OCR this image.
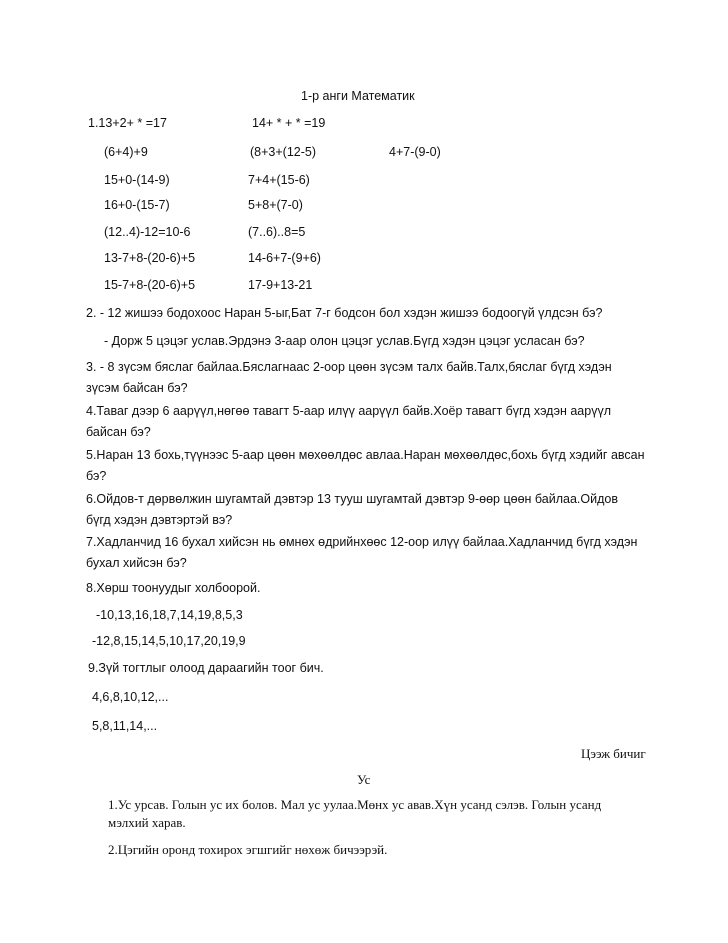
1-р анги Математик
1.13+2+ * =17	14+ * + * =19
(6+4)+9	(8+3+(12-5)	4+7-(9-0)
15+0-(14-9)	7+4+(15-6)
16+0-(15-7)	5+8+(7-0)
(12..4)-12=10-6	(7..6)..8=5
13-7+8-(20-6)+5	14-6+7-(9+6)
15-7+8-(20-6)+5	17-9+13-21
2. - 12 жишээ бодохоос Наран 5-ыг,Бат 7-г бодсон бол хэдэн жишээ бодоогүй үлдсэн бэ?
- Дорж 5 цэцэг услав.Эрдэнэ 3-аар олон цэцэг услав.Бүгд хэдэн цэцэг усласан бэ?
3. - 8 зүсэм бяслаг байлаа.Бяслагнаас 2-оор цөөн зүсэм талх байв.Талх,бяслаг бүгд хэдэн зүсэм байсан бэ?
4.Таваг дээр 6 аарүүл,нөгөө тавагт 5-аар илүү аарүүл байв.Хоёр тавагт бүгд хэдэн аарүүл байсан бэ?
5.Наран 13 бохь,түүнээс 5-аар цөөн мөхөөлдөс авлаа.Наран мөхөөлдөс,бохь бүгд хэдийг авсан бэ?
6.Ойдов-т дөрвөлжин шугамтай дэвтэр 13 тууш шугамтай дэвтэр 9-өөр цөөн байлаа.Ойдов бүгд хэдэн дэвтэртэй вэ?
7.Хадланчид 16 бухал хийсэн нь өмнөх өдрийнхөөс 12-оор илүү байлаа.Хадланчид бүгд хэдэн бухал хийсэн бэ?
8.Хөрш тоонуудыг холбоорой.
-10,13,16,18,7,14,19,8,5,3
-12,8,15,14,5,10,17,20,19,9
9.Зүй тогтлыг олоод дараагийн тоог бич.
4,6,8,10,12,...
5,8,11,14,...
Цээж бичиг
Ус
1.Ус урсав. Голын ус их болов. Мал ус уулаа.Мөнх ус авав.Хүн усанд сэлэв. Голын усанд мэлхий харав.
2.Цэгийн оронд тохирох эгшгийг нөхөж бичээрэй.
